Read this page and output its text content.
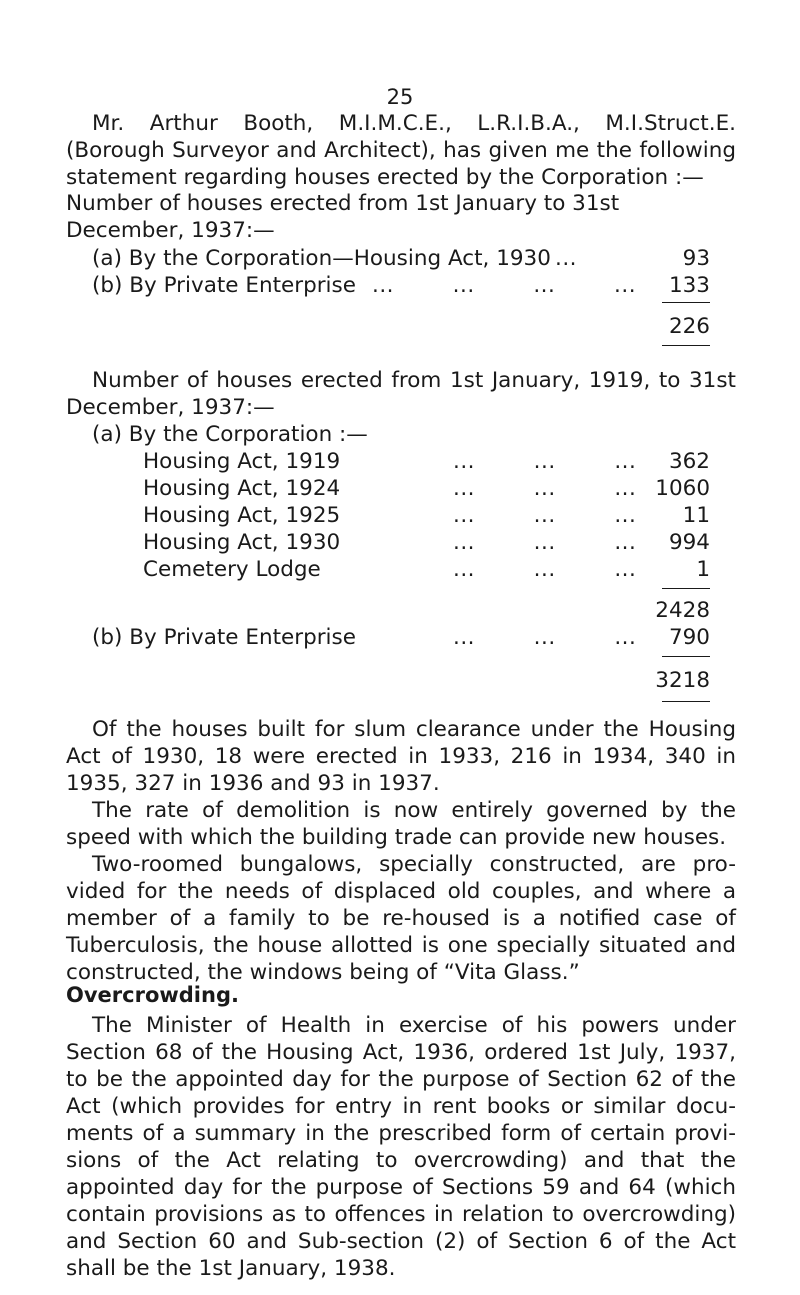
25

Mr. Arthur Booth, M.I.M.C.E., L.R.I.B.A., M.I.Struct.E. (Borough Surveyor and Architect), has given me the following statement regarding houses erected by the Corporation :—

Number of houses erected from 1st January to 31st December, 1937:—

(a) By the Corporation—Housing Act, 1930 ...	93
(b) By Private Enterprise ...        ...        ...        ...	133
226

Number of houses erected from 1st January, 1919, to 31st December, 1937:—

(a) By the Corporation :—
Housing Act, 1919	...        ...        ...	362
Housing Act, 1924	...        ...        ... 1060
Housing Act, 1925	...        ...        ...	11
Housing Act, 1930	...        ...        ...	994
Cemetery Lodge	...        ...        ...	1
2428
(b) By Private Enterprise	...        ...        ...	790
3218

Of the houses built for slum clearance under the Housing Act of 1930, 18 were erected in 1933, 216 in 1934, 340 in 1935, 327 in 1936 and 93 in 1937.

The rate of demolition is now entirely governed by the speed with which the building trade can provide new houses.

Two-roomed bungalows, specially constructed, are pro- vided for the needs of displaced old couples, and where a member of a family to be re-housed is a notified case of Tuberculosis, the house allotted is one specially situated and constructed, the windows being of “Vita Glass.”

Overcrowding.

The Minister of Health in exercise of his powers under Section 68 of the Housing Act, 1936, ordered 1st July, 1937, to be the appointed day for the purpose of Section 62 of the Act (which provides for entry in rent books or similar docu- ments of a summary in the prescribed form of certain provi- sions of the Act relating to overcrowding) and that the appointed day for the purpose of Sections 59 and 64 (which contain provisions as to offences in relation to overcrowding) and Section 60 and Sub-section (2) of Section 6 of the Act shall be the 1st January, 1938.
